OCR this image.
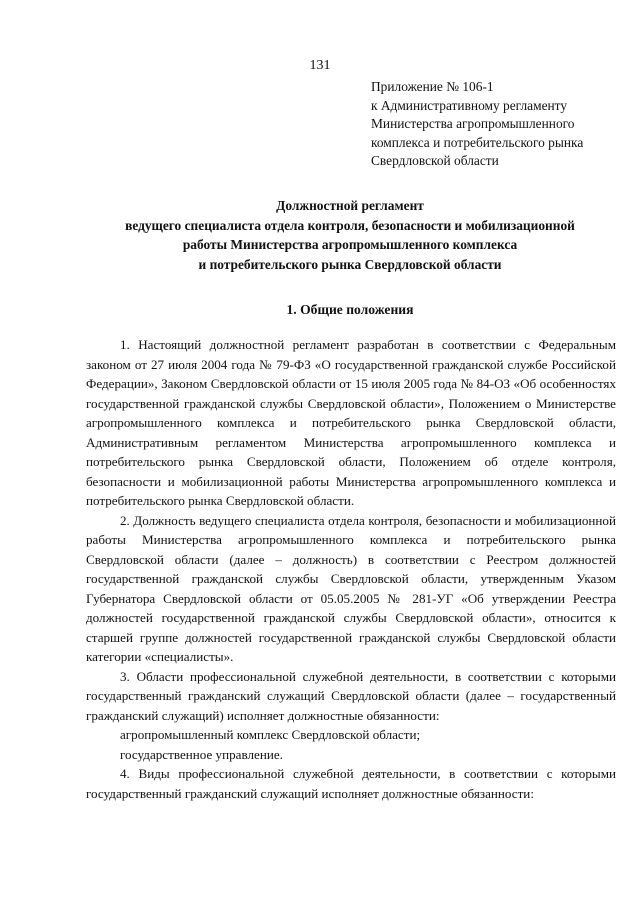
131
Приложение № 106-1
к Административному регламенту
Министерства агропромышленного
комплекса и потребительского рынка
Свердловской области
Должностной регламент
ведущего специалиста отдела контроля, безопасности и мобилизационной
работы Министерства агропромышленного комплекса
и потребительского рынка Свердловской области
1. Общие положения

1. Настоящий должностной регламент разработан в соответствии с Федеральным законом от 27 июля 2004 года № 79-ФЗ «О государственной гражданской службе Российской Федерации», Законом Свердловской области от 15 июля 2005 года № 84-ОЗ «Об особенностях государственной гражданской службы Свердловской области», Положением о Министерстве агропромышленного комплекса и потребительского рынка Свердловской области, Административным регламентом Министерства агропромышленного комплекса и потребительского рынка Свердловской области, Положением об отделе контроля, безопасности и мобилизационной работы Министерства агропромышленного комплекса и потребительского рынка Свердловской области.

2. Должность ведущего специалиста отдела контроля, безопасности и мобилизационной работы Министерства агропромышленного комплекса и потребительского рынка Свердловской области (далее – должность) в соответствии с Реестром должностей государственной гражданской службы Свердловской области, утвержденным Указом Губернатора Свердловской области от 05.05.2005 № 281-УГ «Об утверждении Реестра должностей государственной гражданской службы Свердловской области», относится к старшей группе должностей государственной гражданской службы Свердловской области категории «специалисты».

3. Области профессиональной служебной деятельности, в соответствии с которыми государственный гражданский служащий Свердловской области (далее – государственный гражданский служащий) исполняет должностные обязанности:

агропромышленный комплекс Свердловской области;

государственное управление.

4. Виды профессиональной служебной деятельности, в соответствии с которыми государственный гражданский служащий исполняет должностные обязанности:
